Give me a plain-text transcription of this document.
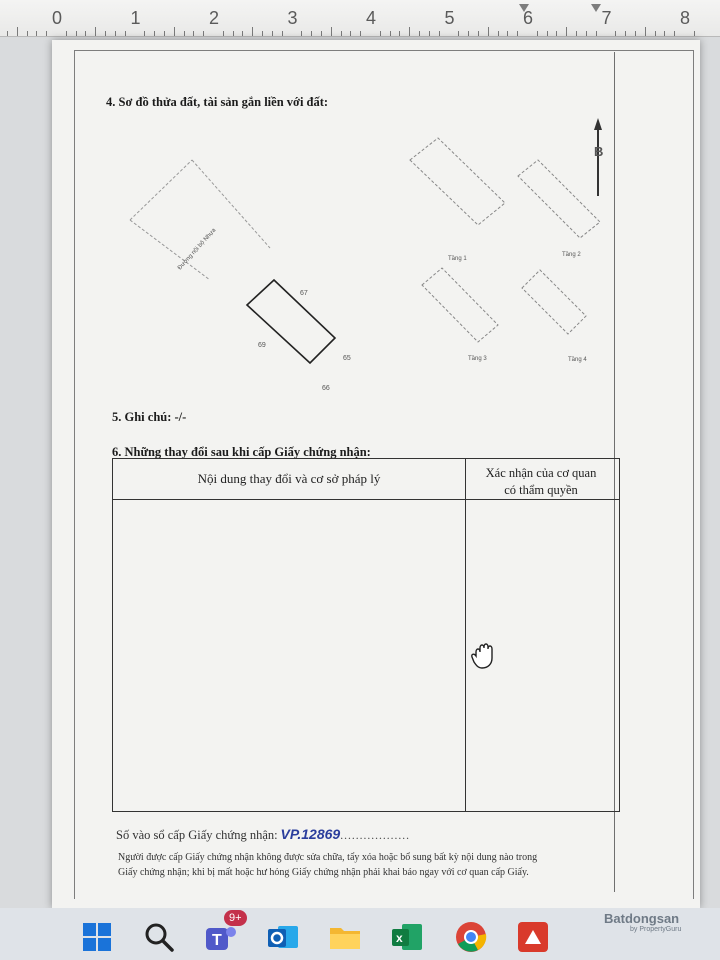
0	1	2	3	4	5	6	7	8
4. Sơ đồ thửa đất, tài sản gắn liền với đất:
B
Đường nội bộ Nhựa
67
69
65
66
Tầng 1
Tầng 2
Tầng 3	Tầng 4
5. Ghi chú: -/-
6. Những thay đổi sau khi cấp Giấy chứng nhận:
Nội dung thay đổi và cơ sở pháp lý	Xác nhận của cơ quan
có thẩm quyền
Số vào sổ cấp Giấy chứng nhận: VP.12869..................
Người được cấp Giấy chứng nhận không được sửa chữa, tẩy xóa hoặc bổ sung bất kỳ nội dung nào trong
Giấy chứng nhận; khi bị mất hoặc hư hỏng Giấy chứng nhận phải khai báo ngay với cơ quan cấp Giấy.
T
9+
x
Batdongsan
by PropertyGuru
